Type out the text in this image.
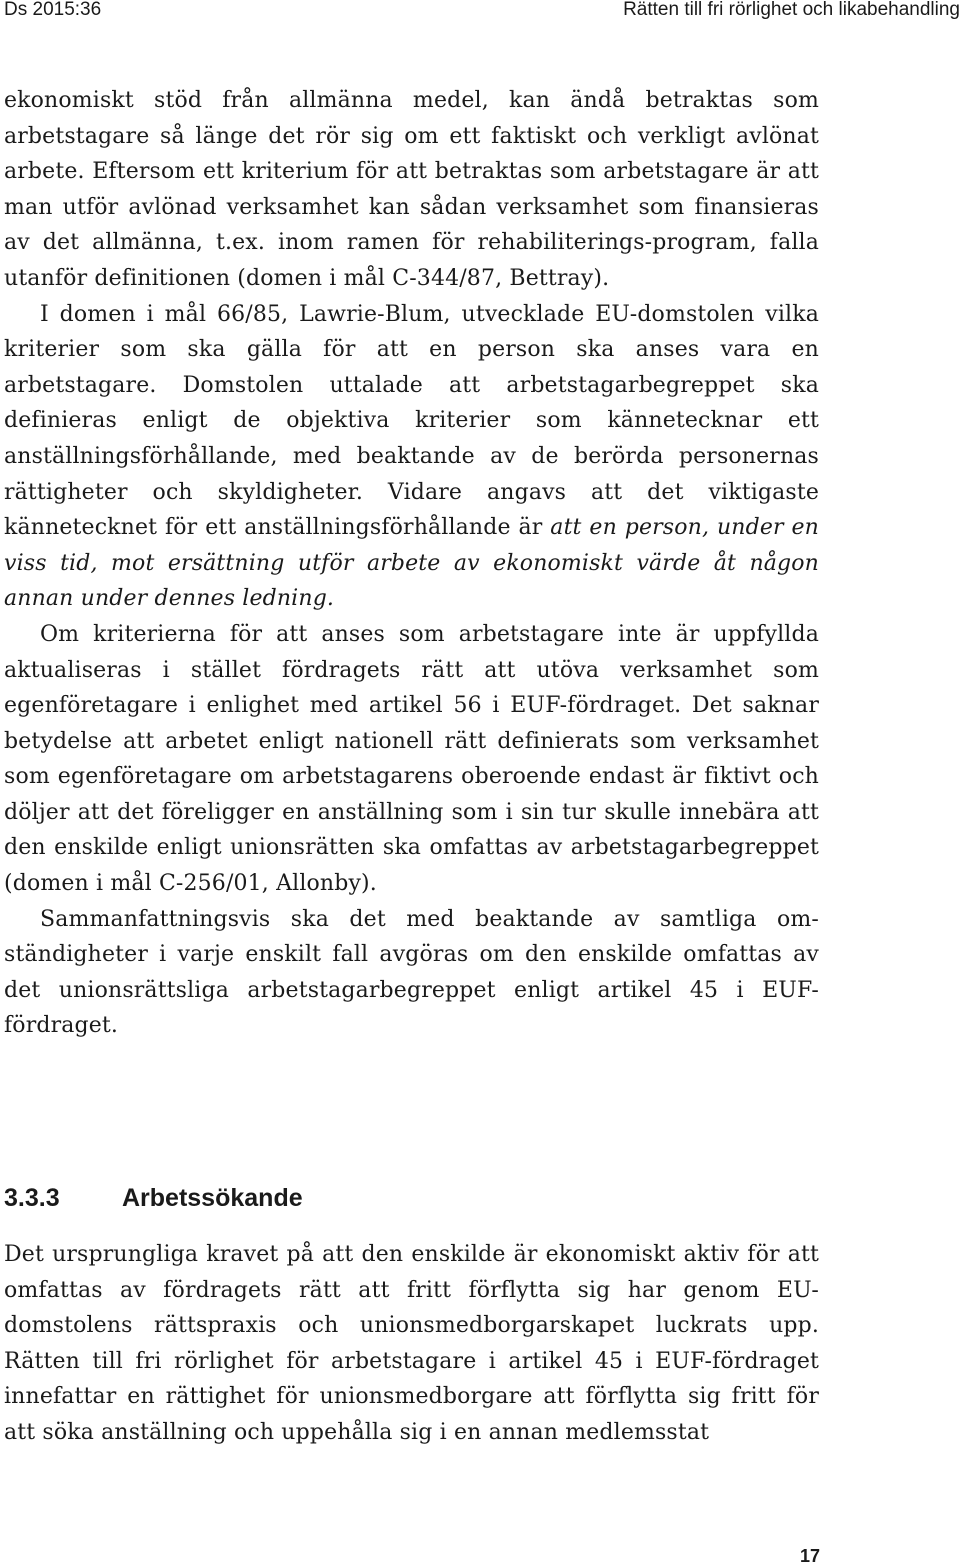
Ds 2015:36	Rätten till fri rörlighet och likabehandling

ekonomiskt stöd från allmänna medel, kan ändå betraktas som arbetstagare så länge det rör sig om ett faktiskt och verkligt avlönat arbete. Eftersom ett kriterium för att betraktas som arbetstagare är att man utför avlönad verksamhet kan sådan verksamhet som finansieras av det allmänna, t.ex. inom ramen för rehabiliterings-program, falla utanför definitionen (domen i mål C-344/87, Bettray).

I domen i mål 66/85, Lawrie-Blum, utvecklade EU-domstolen vilka kriterier som ska gälla för att en person ska anses vara en arbetstagare. Domstolen uttalade att arbetstagarbegreppet ska definieras enligt de objektiva kriterier som kännetecknar ett anställningsförhållande, med beaktande av de berörda personernas rättigheter och skyldigheter. Vidare angavs att det viktigaste kännetecknet för ett anställningsförhållande är att en person, under en viss tid, mot ersättning utför arbete av ekonomiskt värde åt någon annan under dennes ledning.

Om kriterierna för att anses som arbetstagare inte är uppfyllda aktualiseras i stället fördragets rätt att utöva verksamhet som egenföretagare i enlighet med artikel 56 i EUF-fördraget. Det saknar betydelse att arbetet enligt nationell rätt definierats som verksamhet som egenföretagare om arbetstagarens oberoende endast är fiktivt och döljer att det föreligger en anställning som i sin tur skulle innebära att den enskilde enligt unionsrätten ska omfattas av arbetstagarbegreppet (domen i mål C-256/01, Allonby).

Sammanfattningsvis ska det med beaktande av samtliga om-ständigheter i varje enskilt fall avgöras om den enskilde omfattas av det unionsrättsliga arbetstagarbegreppet enligt artikel 45 i EUF-fördraget.

3.3.3 Arbetssökande

Det ursprungliga kravet på att den enskilde är ekonomiskt aktiv för att omfattas av fördragets rätt att fritt förflytta sig har genom EU-domstolens rättspraxis och unionsmedborgarskapet luckrats upp. Rätten till fri rörlighet för arbetstagare i artikel 45 i EUF-fördraget innefattar en rättighet för unionsmedborgare att förflytta sig fritt för att söka anställning och uppehålla sig i en annan medlemsstat

17
